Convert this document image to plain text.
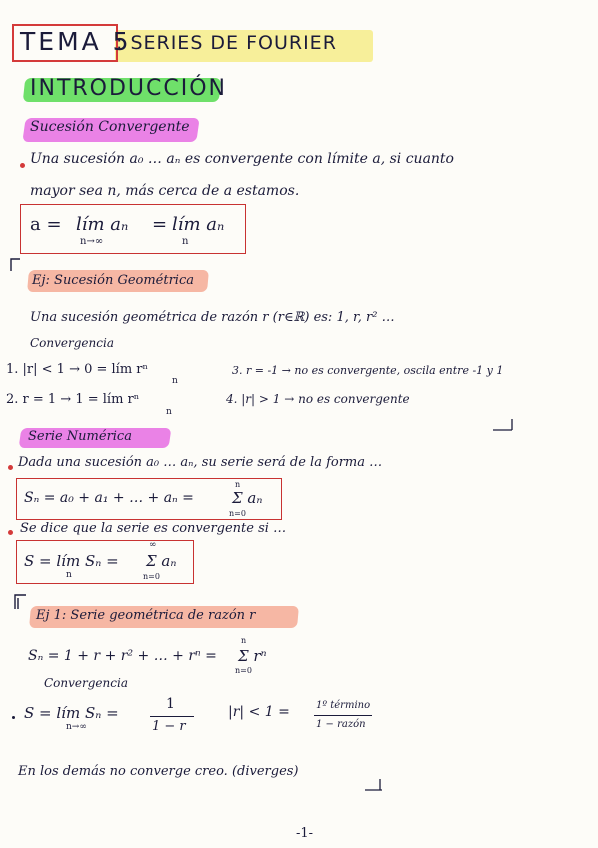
TEMA 5
: SERIES DE FOURIER
INTRODUCCIÓN
Sucesión Convergente
Una sucesión a₀ … aₙ es convergente con límite a, si cuanto
mayor sea n, más cerca de a estamos.
a = lím aₙ
n→∞
= lím aₙ
n
Ej: Sucesión Geométrica
Una sucesión geométrica de razón r (r∈ℝ) es: 1, r, r² …
Convergencia
1. |r| < 1 → 0 = lím rⁿ
n
3. r = -1 → no es convergente, oscila entre -1 y 1
2. r = 1 → 1 = lím rⁿ
n
4. |r| > 1 → no es convergente
Serie Numérica
Dada una sucesión a₀ … aₙ, su serie será de la forma …
Sₙ = a₀ + a₁ + … + aₙ =	Σ aₙ
n
n=0
Se dice que la serie es convergente si …
S = lím Sₙ =
n
Σ aₙ
∞
n=0
Ej 1: Serie geométrica de razón r
Sₙ = 1 + r + r² + … + rⁿ = Σ rⁿ
n
n=0
Convergencia
S = lím Sₙ =
n→∞
1
1 − r
|r| < 1 =	1º término
1 − razón
En los demás no converge creo. (diverges)
-1-
